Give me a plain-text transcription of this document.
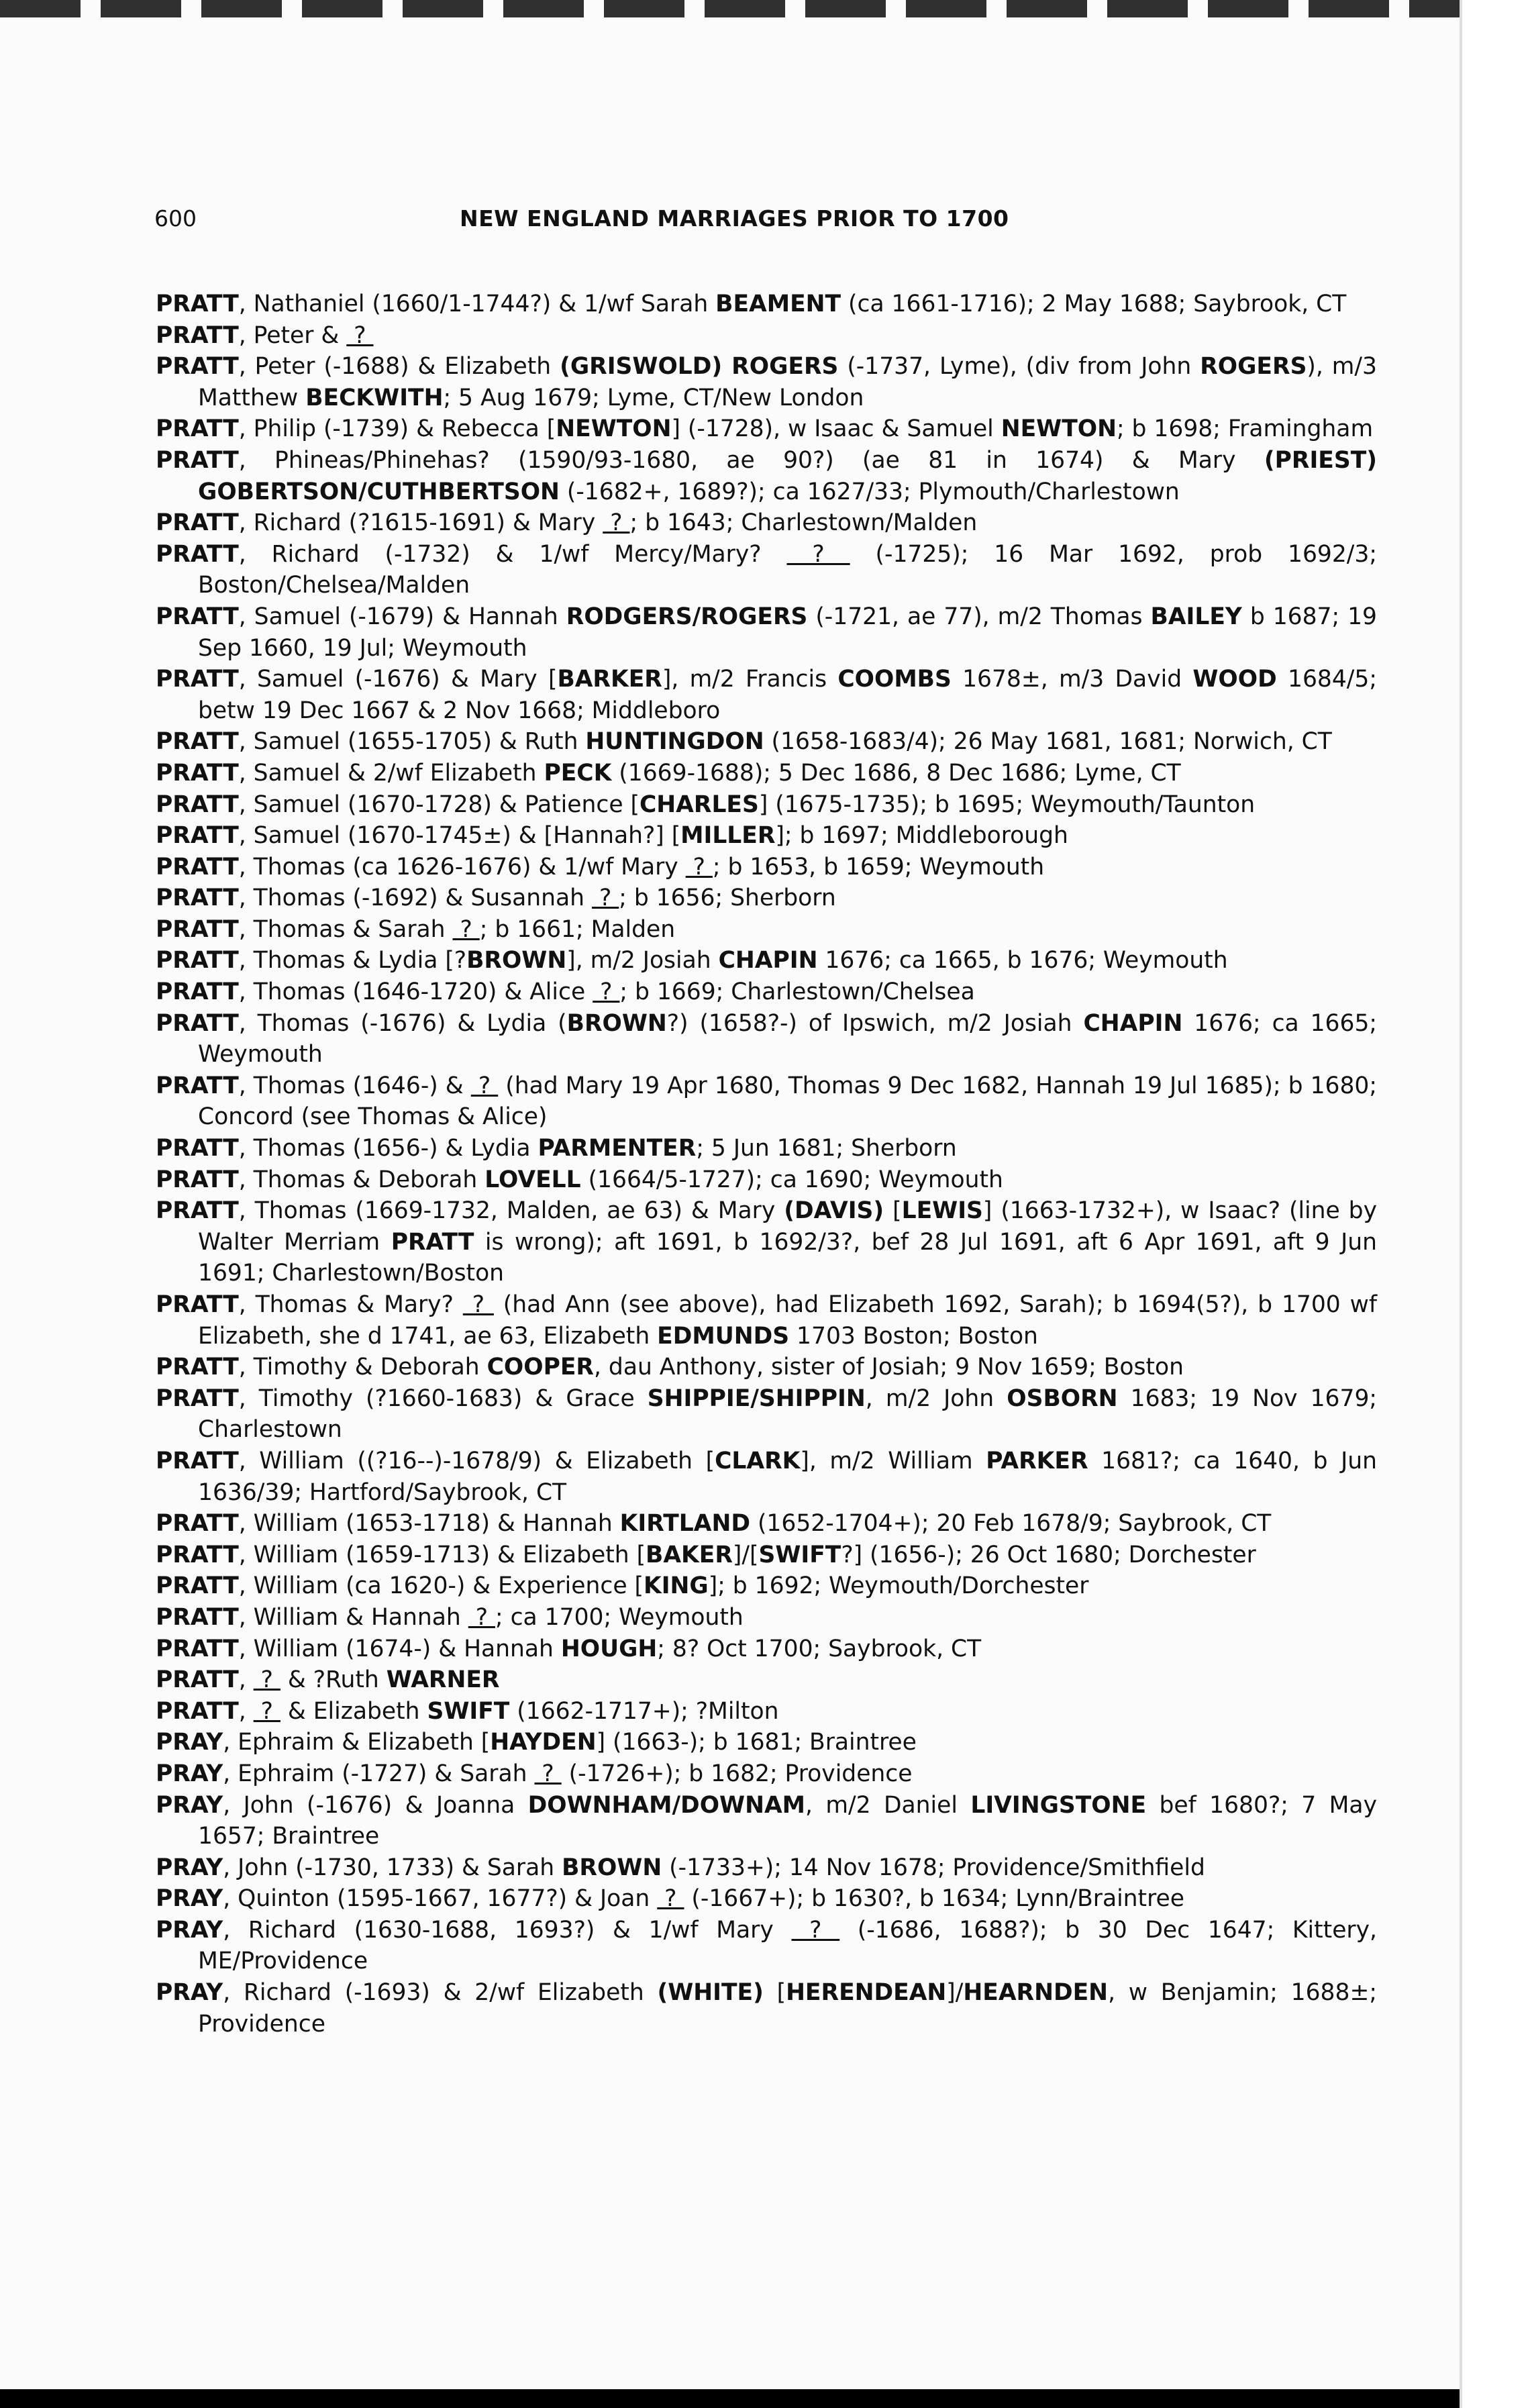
600	NEW ENGLAND MARRIAGES PRIOR TO 1700

PRATT, Nathaniel (1660/1-1744?) & 1/wf Sarah BEAMENT (ca 1661-1716); 2 May 1688; Saybrook, CT

PRATT, Peter &  ?

PRATT, Peter (-1688) & Elizabeth (GRISWOLD) ROGERS (-1737, Lyme), (div from John ROGERS), m/3 Matthew BECKWITH; 5 Aug 1679; Lyme, CT/New London

PRATT, Philip (-1739) & Rebecca [NEWTON] (-1728), w Isaac & Samuel NEWTON; b 1698; Framingham

PRATT, Phineas/Phinehas? (1590/93-1680, ae 90?) (ae 81 in 1674) & Mary (PRIEST) GOBERTSON/CUTHBERTSON (-1682+, 1689?); ca 1627/33; Plymouth/Charlestown

PRATT, Richard (?1615-1691) & Mary  ? ; b 1643; Charlestown/Malden

PRATT, Richard (-1732) & 1/wf Mercy/Mary?  ?  (-1725); 16 Mar 1692, prob 1692/3; Boston/Chelsea/Malden

PRATT, Samuel (-1679) & Hannah RODGERS/ROGERS (-1721, ae 77), m/2 Thomas BAILEY b 1687; 19 Sep 1660, 19 Jul; Weymouth

PRATT, Samuel (-1676) & Mary [BARKER], m/2 Francis COOMBS 1678±, m/3 David WOOD 1684/5; betw 19 Dec 1667 & 2 Nov 1668; Middleboro

PRATT, Samuel (1655-1705) & Ruth HUNTINGDON (1658-1683/4); 26 May 1681, 1681; Norwich, CT

PRATT, Samuel & 2/wf Elizabeth PECK (1669-1688); 5 Dec 1686, 8 Dec 1686; Lyme, CT

PRATT, Samuel (1670-1728) & Patience [CHARLES] (1675-1735); b 1695; Weymouth/Taunton

PRATT, Samuel (1670-1745±) & [Hannah?] [MILLER]; b 1697; Middleborough

PRATT, Thomas (ca 1626-1676) & 1/wf Mary  ? ; b 1653, b 1659; Weymouth

PRATT, Thomas (-1692) & Susannah  ? ; b 1656; Sherborn

PRATT, Thomas & Sarah  ? ; b 1661; Malden

PRATT, Thomas & Lydia [?BROWN], m/2 Josiah CHAPIN 1676; ca 1665, b 1676; Weymouth

PRATT, Thomas (1646-1720) & Alice  ? ; b 1669; Charlestown/Chelsea

PRATT, Thomas (-1676) & Lydia (BROWN?) (1658?-) of Ipswich, m/2 Josiah CHAPIN 1676; ca 1665; Weymouth

PRATT, Thomas (1646-) &  ?  (had Mary 19 Apr 1680, Thomas 9 Dec 1682, Hannah 19 Jul 1685); b 1680; Concord (see Thomas & Alice)

PRATT, Thomas (1656-) & Lydia PARMENTER; 5 Jun 1681; Sherborn

PRATT, Thomas & Deborah LOVELL (1664/5-1727); ca 1690; Weymouth

PRATT, Thomas (1669-1732, Malden, ae 63) & Mary (DAVIS) [LEWIS] (1663-1732+), w Isaac? (line by Walter Merriam PRATT is wrong); aft 1691, b 1692/3?, bef 28 Jul 1691, aft 6 Apr 1691, aft 9 Jun 1691; Charlestown/Boston

PRATT, Thomas & Mary?  ?  (had Ann (see above), had Elizabeth 1692, Sarah); b 1694(5?), b 1700 wf Elizabeth, she d 1741, ae 63, Elizabeth EDMUNDS 1703 Boston; Boston

PRATT, Timothy & Deborah COOPER, dau Anthony, sister of Josiah; 9 Nov 1659; Boston

PRATT, Timothy (?1660-1683) & Grace SHIPPIE/SHIPPIN, m/2 John OSBORN 1683; 19 Nov 1679; Charlestown

PRATT, William ((?16--)-1678/9) & Elizabeth [CLARK], m/2 William PARKER 1681?; ca 1640, b Jun 1636/39; Hartford/Saybrook, CT

PRATT, William (1653-1718) & Hannah KIRTLAND (1652-1704+); 20 Feb 1678/9; Saybrook, CT

PRATT, William (1659-1713) & Elizabeth [BAKER]/[SWIFT?] (1656-); 26 Oct 1680; Dorchester

PRATT, William (ca 1620-) & Experience [KING]; b 1692; Weymouth/Dorchester

PRATT, William & Hannah  ? ; ca 1700; Weymouth

PRATT, William (1674-) & Hannah HOUGH; 8? Oct 1700; Saybrook, CT

PRATT,  ?  & ?Ruth WARNER

PRATT,  ?  & Elizabeth SWIFT (1662-1717+); ?Milton

PRAY, Ephraim & Elizabeth [HAYDEN] (1663-); b 1681; Braintree

PRAY, Ephraim (-1727) & Sarah  ?  (-1726+); b 1682; Providence

PRAY, John (-1676) & Joanna DOWNHAM/DOWNAM, m/2 Daniel LIVINGSTONE bef 1680?; 7 May 1657; Braintree

PRAY, John (-1730, 1733) & Sarah BROWN (-1733+); 14 Nov 1678; Providence/Smithfield

PRAY, Quinton (1595-1667, 1677?) & Joan  ?  (-1667+); b 1630?, b 1634; Lynn/Braintree

PRAY, Richard (1630-1688, 1693?) & 1/wf Mary  ?  (-1686, 1688?); b 30 Dec 1647; Kittery, ME/Providence

PRAY, Richard (-1693) & 2/wf Elizabeth (WHITE) [HERENDEAN]/HEARNDEN, w Benjamin; 1688±; Providence
